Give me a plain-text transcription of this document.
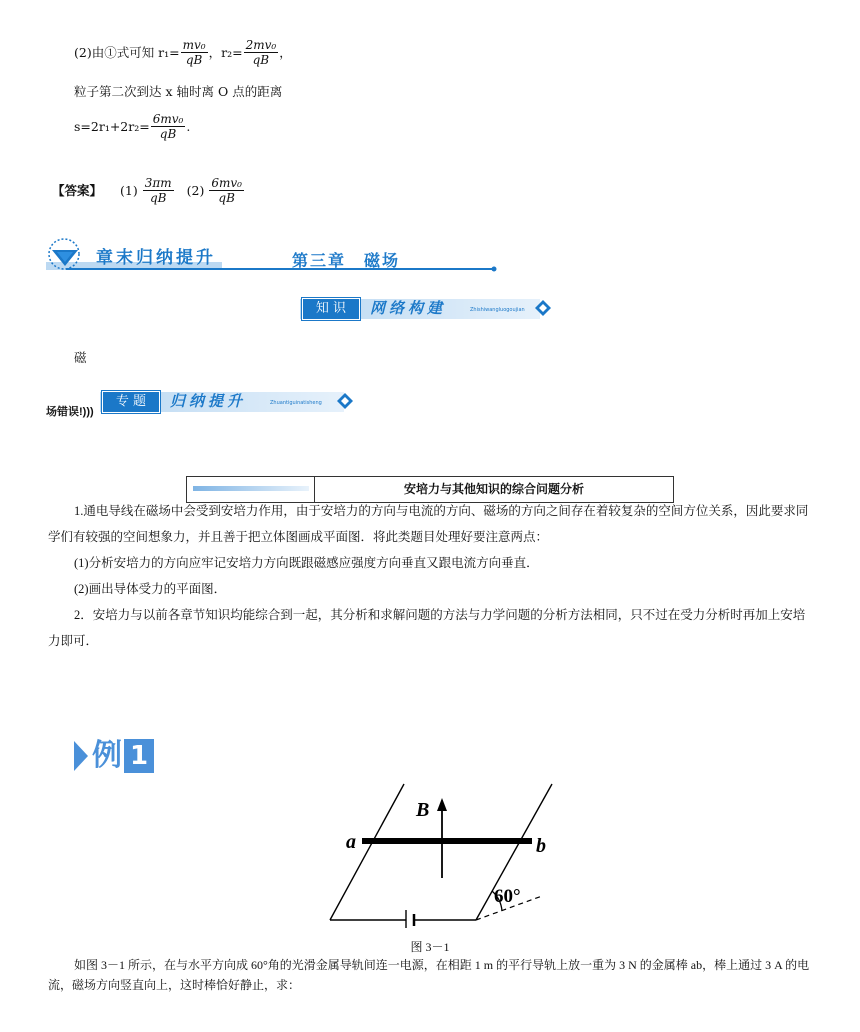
(2)由①式可知 $r_1= \frac{\text{mv₀}}{qB}$ ，$r_2= \frac{\text{2mv₀}}{qB}$ ，
粒子第二次到达 x 轴时离 O 点的距离
$s=2r_1+2r_2= \frac{\text{6mv₀}}{qB}$ .
【答案】 $(1) \frac{3\pi m}{qB} (2) \frac{\text{6mv₀}}{qB}$
章末归纳提升	第三章　磁场
知 识	网络构建	Zhishiwangluogoujian
磁
场错误!)))
专 题	归纳提升	Zhuantiguinatisheng
安培力与其他知识的综合问题分析
1.通电导线在磁场中会受到安培力作用，由于安培力的方向与电流的方向、磁场的方向之间存在着较复杂的空间方位关系，因此要求同学们有较强的空间想象力，并且善于把立体图画成平面图．将此类题目处理好要注意两点：
(1)分析安培力的方向应牢记安培力方向既跟磁感应强度方向垂直又跟电流方向垂直．
(2)画出导体受力的平面图．
2．安培力与以前各章节知识均能综合到一起，其分析和求解问题的方法与力学问题的分析方法相同，只不过在受力分析时再加上安培力即可．
例 1
B
a	b
60°
图 3－1
如图 3－1 所示，在与水平方向成 60°角的光滑金属导轨间连一电源，在相距 1 m 的平行导轨上放一重为 3 N 的金属棒 ab，棒上通过 3 A 的电流，磁场方向竖直向上，这时棒恰好静止，求：
